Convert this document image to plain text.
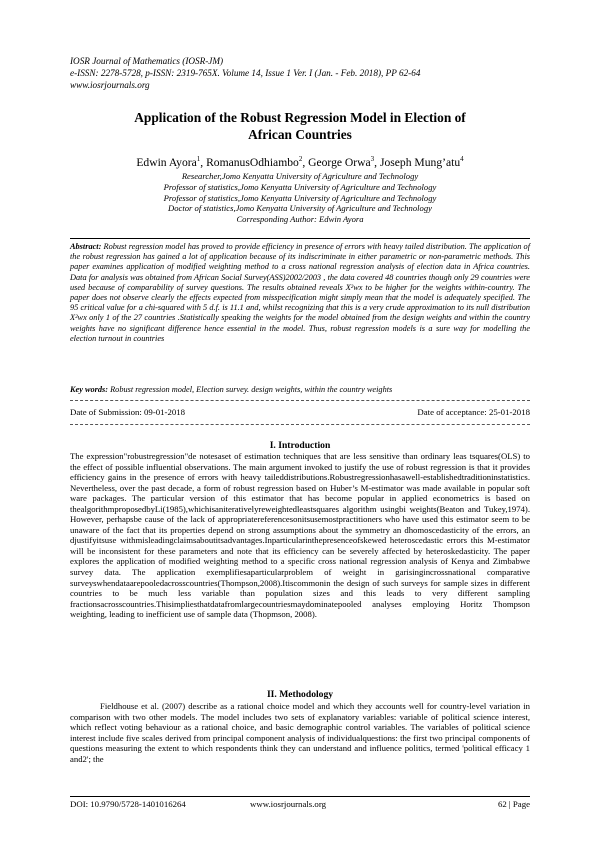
IOSR Journal of Mathematics (IOSR-JM)
e-ISSN: 2278-5728, p-ISSN: 2319-765X. Volume 14, Issue 1 Ver. I (Jan. - Feb. 2018), PP 62-64
www.iosrjournals.org
Application of the Robust Regression Model in Election of
African Countries
Edwin Ayora$^1$, RomanusOdhiambo$^2$, George Orwa$^3$, Joseph Mung’atu$^4$
Researcher,Jomo Kenyatta University of Agriculture and Technology
Professor of statistics,Jomo Kenyatta University of Agriculture and Technology
Professor of statistics,Jomo Kenyatta University of Agriculture and Technology
Doctor of statistics,Jomo Kenyatta University of Agriculture and Technology
Corresponding Author: Edwin Ayora
Abstract: Robust regression model has proved to provide efficiency in presence of errors with heavy tailed distribution. The application of the robust regression has gained a lot of application because of its indiscriminate in either parametric or non-parametric methods. This paper examines application of modified weighting method to a cross national regression analysis of election data in Africa countries. Data for analysis was obtained from African Social Survey(ASS)2002/2003 , the data covered 48 countries though only 29 countries were used because of comparability of survey questions. The results obtained reveals X²wx to be higher for the weights within-country. The paper does not observe clearly the effects expected from misspecification might simply mean that the model is adequately specified. The 95 critical value for a chi-squared with 5 d.f. is 11.1 and, whilst recognizing that this is a very crude approximation to its null distribution X²wx only 1 of the 27 countries .Statistically speaking the weights for the model obtained from the design weights and within the country weights have no significant difference hence essential in the model. Thus, robust regression models is a sure way for modelling the election turnout in countries
Key words: Robust regression model, Election survey. design weights, within the country weights
Date of Submission: 09-01-2018	Date of acceptance: 25-01-2018
I. Introduction

The expression"robustregression"de notesaset of estimation techniques that are less sensitive than ordinary leas tsquares(OLS) to the effect of possible influential observations. The main argument invoked to justify the use of robust regression is that it provides efficiency gains in the presence of errors with heavy taileddistributions.Robustregressionhasawell-establishedtraditioninstatistics. Nevertheless, over the past decade, a form of robust regression based on Huber’s M-estimator was made available in popular soft ware packages. The particular version of this estimator that has become popular in applied econometrics is based on thealgorithmproposedbyLi(1985),whichisaniterativelyreweightedleastsquares algorithm usingbi weights(Beaton and Tukey,1974). However, perhapsbe cause of the lack of appropriatereferencesonitsusemostpractitioners who have used this estimator seem to be unaware of the fact that its properties depend on strong assumptions about the symmetry an dhomoscedasticity of the errors, an djustifyitsuse withmisleadingclaimsaboutitsadvantages.Inparticularinthepresenceofskewed heteroscedastic errors this M-estimator will be inconsistent for these parameters and note that its efficiency can be severely affected by heteroskedasticity. The paper explores the application of modified weighting method to a specific cross national regression analysis of Kenya and Zimbabwe survey data. The application exemplifiesaparticularproblem of weight in garisingincrossnational comparative surveyswhendataarepooledacrosscountries(Thompson,2008).Itiscommonin the design of such surveys for sample sizes in different countries to be much less variable than population sizes and this leads to very different sampling fractionsacrosscountries.Thisimpliesthatdatafromlargecountriesmaydominatepooled analyses employing Horitz Thompson weighting, leading to inefficient use of sample data (Thopmson, 2008).

II. Methodology

Fieldhouse et al. (2007) describe as a rational choice model and which they accounts well for country-level variation in comparison with two other models. The model includes two sets of explanatory variables: variable of political science interest, which reflect voting behaviour as a rational choice, and basic demographic control variables. The variables of political science interest include five scales derived from principal component analysis of individualquestions: the first two principal components of questions measuring the extent to which respondents think they can understand and influence politics, termed 'political efficacy 1 and2'; the

DOI: 10.9790/5728-1401016264	www.iosrjournals.org	62 | Page
